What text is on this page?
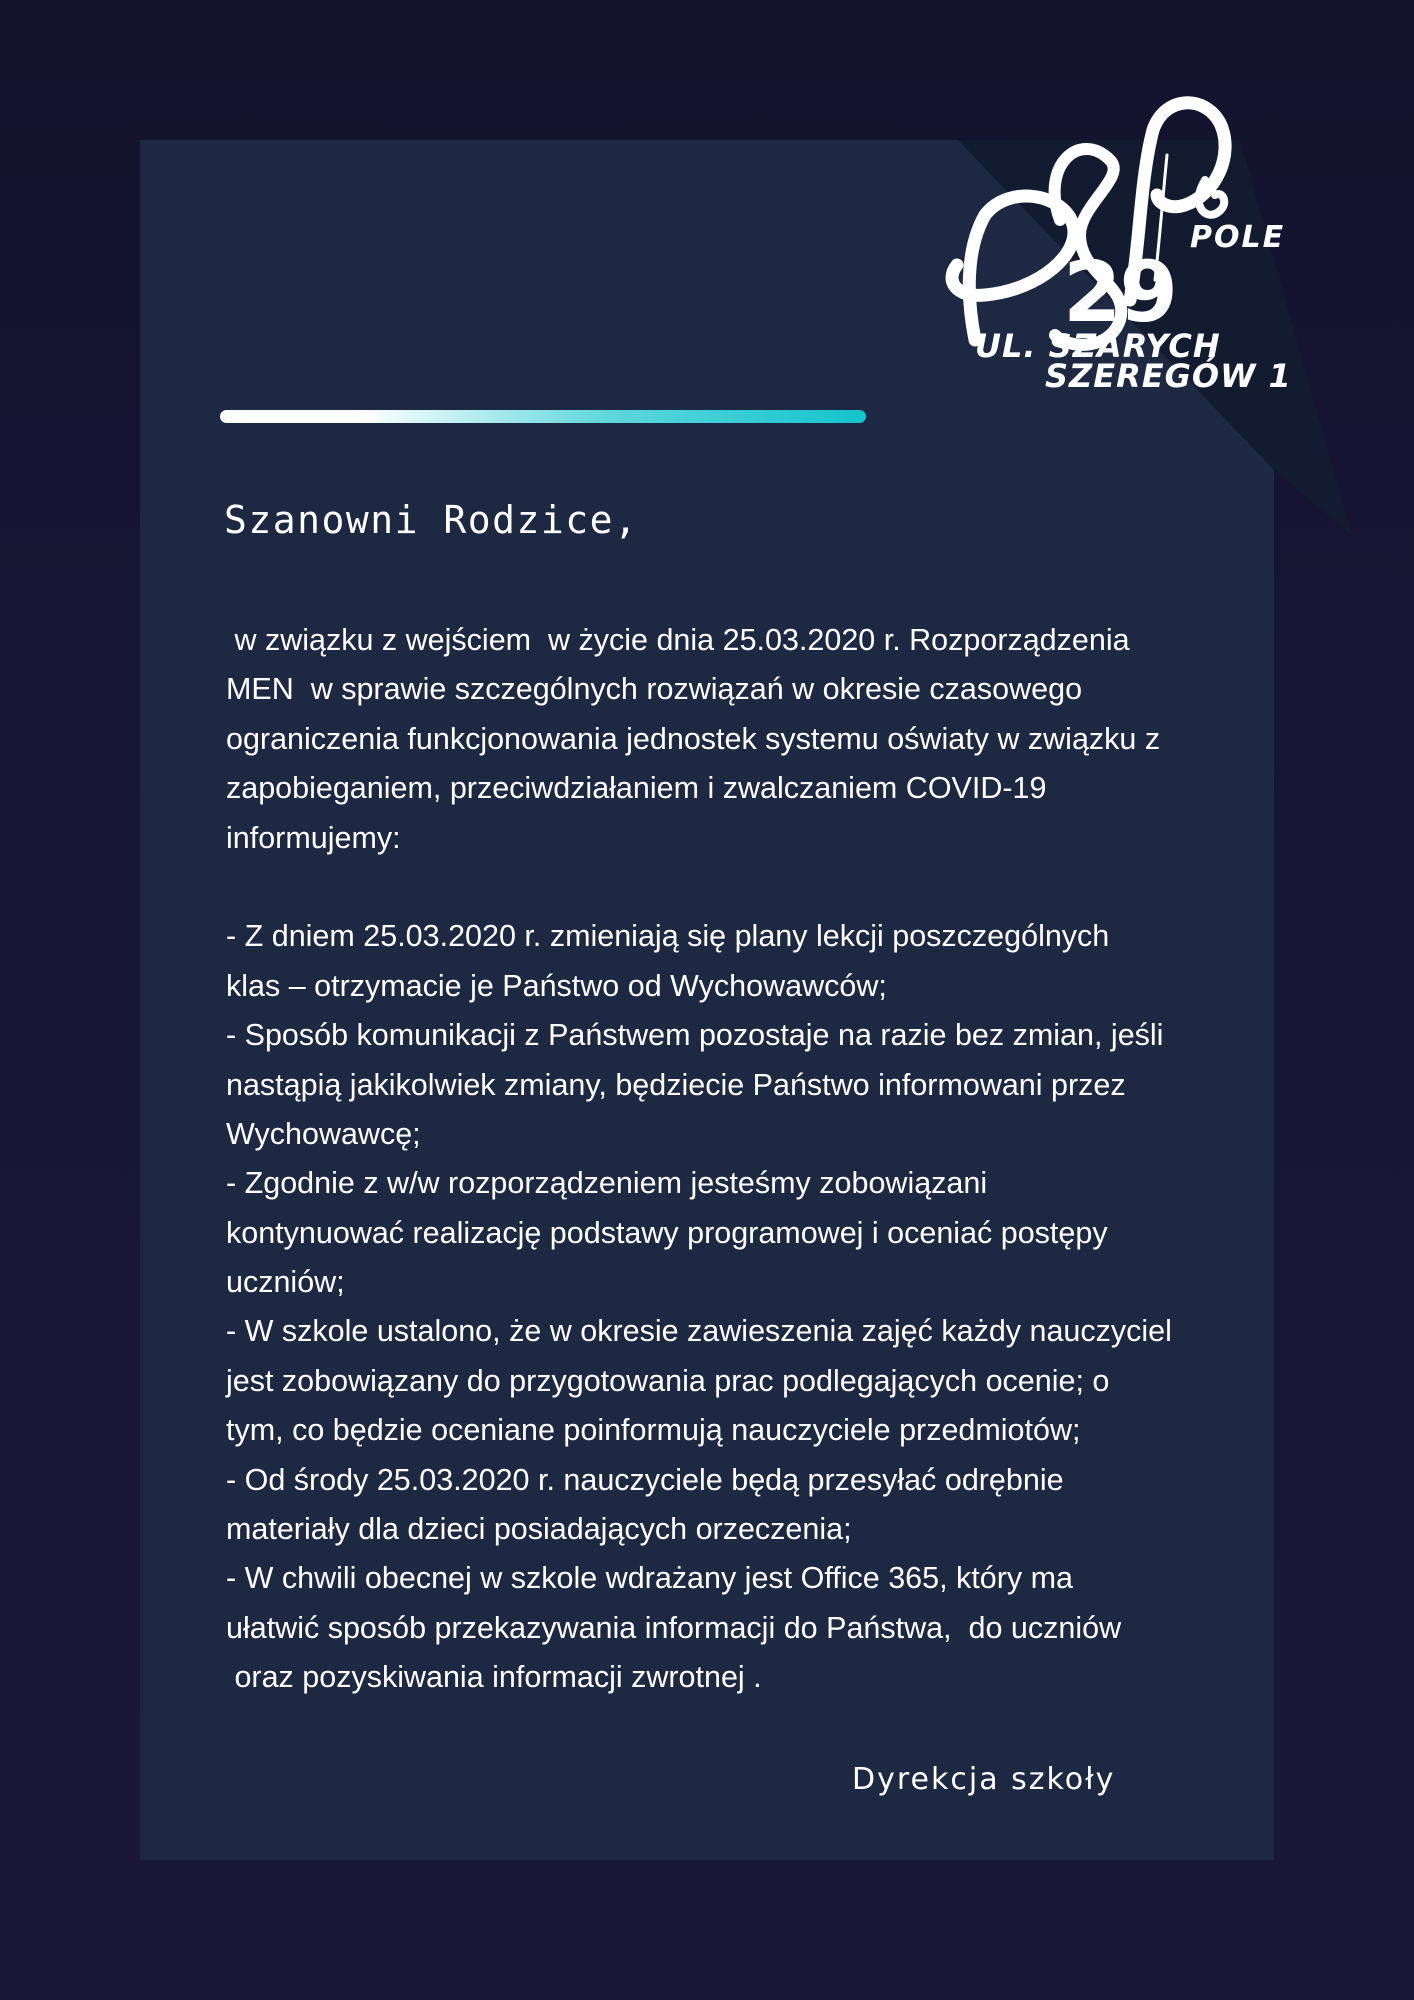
POLE
29
UL. SZARYCH
SZEREGÓW 1
Szanowni Rodzice,
w związku z wejściem  w życie dnia 25.03.2020 r. Rozporządzenia
MEN  w sprawie szczególnych rozwiązań w okresie czasowego
ograniczenia funkcjonowania jednostek systemu oświaty w związku z
zapobieganiem, przeciwdziałaniem i zwalczaniem COVID-19
informujemy:
- Z dniem 25.03.2020 r. zmieniają się plany lekcji poszczególnych
klas – otrzymacie je Państwo od Wychowawców;
- Sposób komunikacji z Państwem pozostaje na razie bez zmian, jeśli
nastąpią jakikolwiek zmiany, będziecie Państwo informowani przez
Wychowawcę;
- Zgodnie z w/w rozporządzeniem jesteśmy zobowiązani
kontynuować realizację podstawy programowej i oceniać postępy
uczniów;
- W szkole ustalono, że w okresie zawieszenia zajęć każdy nauczyciel
jest zobowiązany do przygotowania prac podlegających ocenie; o
tym, co będzie oceniane poinformują nauczyciele przedmiotów;
- Od środy 25.03.2020 r. nauczyciele będą przesyłać odrębnie
materiały dla dzieci posiadających orzeczenia;
- W chwili obecnej w szkole wdrażany jest Office 365, który ma
ułatwić sposób przekazywania informacji do Państwa,  do uczniów
oraz pozyskiwania informacji zwrotnej .
Dyrekcja szkoły
